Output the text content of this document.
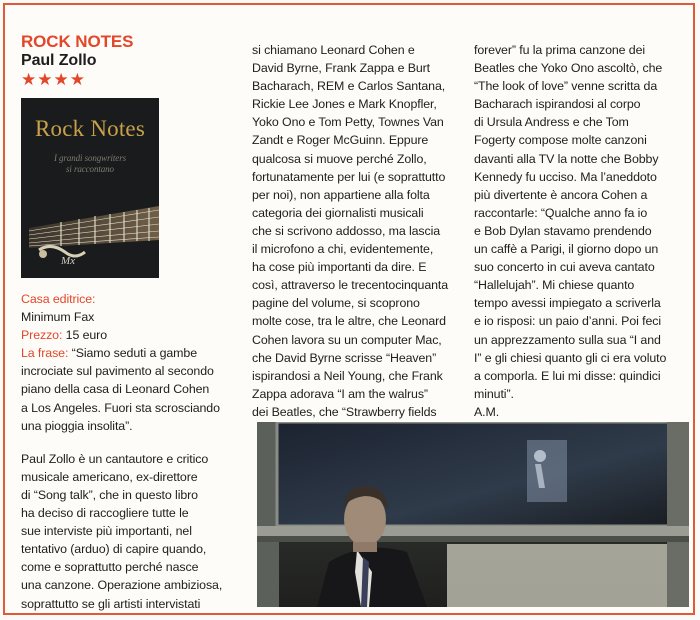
ROCK NOTES
Paul Zollo
★★★★
Rock Notes
I grandi songwriters
si raccontano
Mx
Casa editrice:
Minimum Fax
Prezzo: 15 euro
La frase: “Siamo seduti a gambe
incrociate sul pavimento al secondo
piano della casa di Leonard Cohen
a Los Angeles. Fuori sta scrosciando
una pioggia insolita”.
Paul Zollo è un cantautore e critico
musicale americano, ex-direttore
di “Song talk”, che in questo libro
ha deciso di raccogliere tutte le
sue interviste più importanti, nel
tentativo (arduo) di capire quando,
come e soprattutto perché nasce
una canzone. Operazione ambiziosa,
soprattutto se gli artisti intervistati
si chiamano Leonard Cohen e
David Byrne, Frank Zappa e Burt
Bacharach, REM e Carlos Santana,
Rickie Lee Jones e Mark Knopfler,
Yoko Ono e Tom Petty, Townes Van
Zandt e Roger McGuinn. Eppure
qualcosa si muove perché Zollo,
fortunatamente per lui (e soprattutto
per noi), non appartiene alla folta
categoria dei giornalisti musicali
che si scrivono addosso, ma lascia
il microfono a chi, evidentemente,
ha cose più importanti da dire. E
così, attraverso le trecentocinquanta
pagine del volume, si scoprono
molte cose, tra le altre, che Leonard
Cohen lavora su un computer Mac,
che David Byrne scrisse “Heaven”
ispirandosi a Neil Young, che Frank
Zappa adorava “I am the walrus”
dei Beatles, che “Strawberry fields
forever” fu la prima canzone dei
Beatles che Yoko Ono ascoltò, che
“The look of love” venne scritta da
Bacharach ispirandosi al corpo
di Ursula Andress e che Tom
Fogerty compose molte canzoni
davanti alla TV la notte che Bobby
Kennedy fu ucciso. Ma l’aneddoto
più divertente è ancora Cohen a
raccontarle: “Qualche anno fa io
e Bob Dylan stavamo prendendo
un caffè a Parigi, il giorno dopo un
suo concerto in cui aveva cantato
“Hallelujah”. Mi chiese quanto
tempo avessi impiegato a scriverla
e io risposi: un paio d’anni. Poi feci
un apprezzamento sulla sua “I and
I” e gli chiesi quanto gli ci era voluto
a comporla. E lui mi disse: quindici
minuti”.
A.M.
